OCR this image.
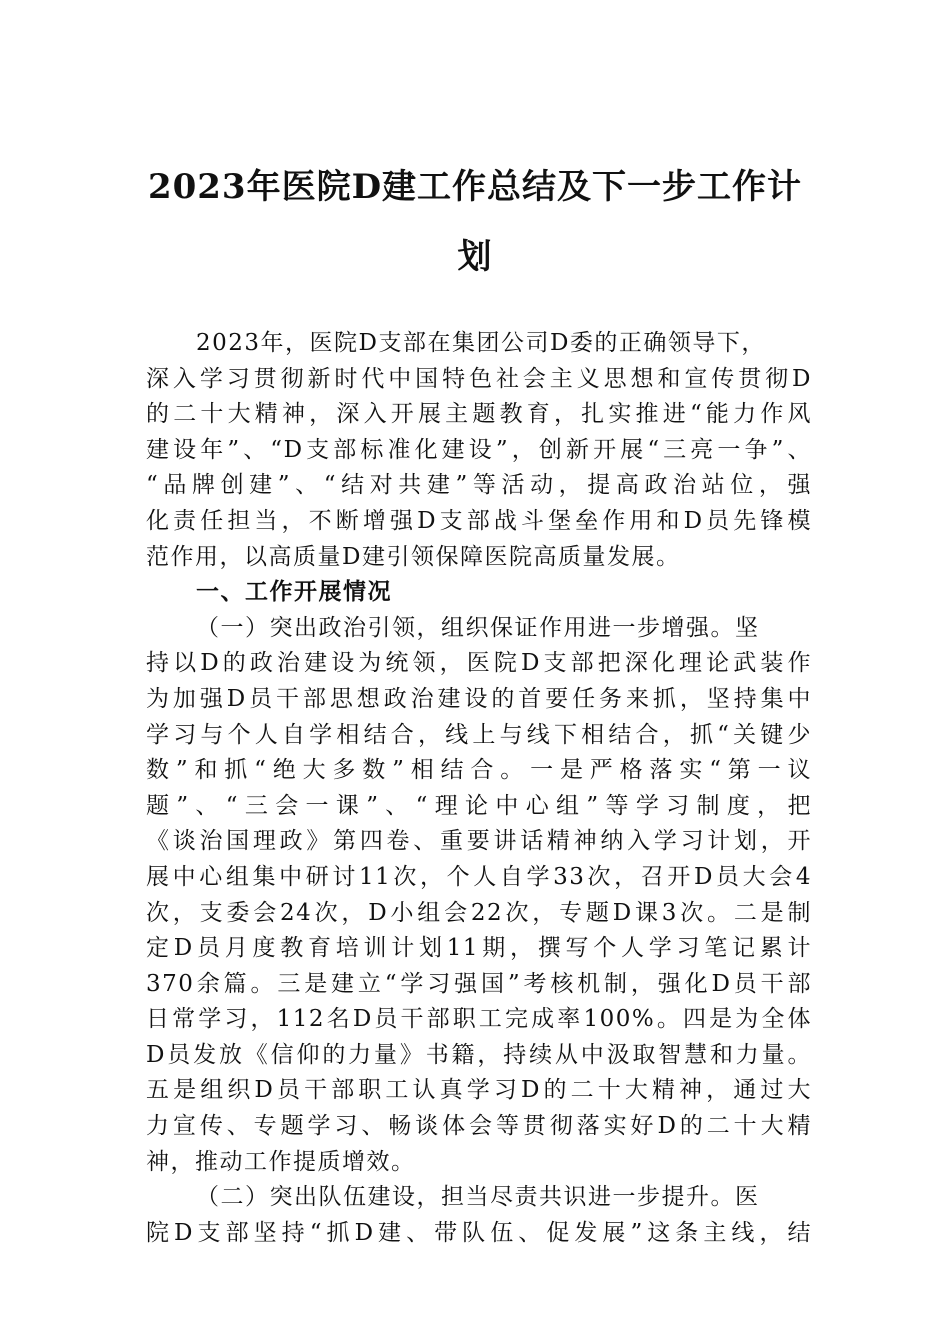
2023年医院D建工作总结及下一步工作计
划
2023年，医院D支部在集团公司D委的正确领导下，
深入学习贯彻新时代中国特色社会主义思想和宣传贯彻D
的二十大精神，深入开展主题教育，扎实推进“能力作风
建设年”、“D支部标准化建设”，创新开展“三亮一争”、
“品牌创建”、“结对共建”等活动，提高政治站位，强
化责任担当，不断增强D支部战斗堡垒作用和D员先锋模
范作用，以高质量D建引领保障医院高质量发展。
一、工作开展情况
（一）突出政治引领，组织保证作用进一步增强。坚
持以D的政治建设为统领，医院D支部把深化理论武装作
为加强D员干部思想政治建设的首要任务来抓，坚持集中
学习与个人自学相结合，线上与线下相结合，抓“关键少
数”和抓“绝大多数”相结合。一是严格落实“第一议
题”、“三会一课”、“理论中心组”等学习制度，把
《谈治国理政》第四卷、重要讲话精神纳入学习计划，开
展中心组集中研讨11次，个人自学33次，召开D员大会4
次，支委会24次，D小组会22次，专题D课3次。二是制
定D员月度教育培训计划11期，撰写个人学习笔记累计
370余篇。三是建立“学习强国”考核机制，强化D员干部
日常学习，112名D员干部职工完成率100%。四是为全体
D员发放《信仰的力量》书籍，持续从中汲取智慧和力量。
五是组织D员干部职工认真学习D的二十大精神，通过大
力宣传、专题学习、畅谈体会等贯彻落实好D的二十大精
神，推动工作提质增效。
（二）突出队伍建设，担当尽责共识进一步提升。医
院D支部坚持“抓D建、带队伍、促发展”这条主线，结
